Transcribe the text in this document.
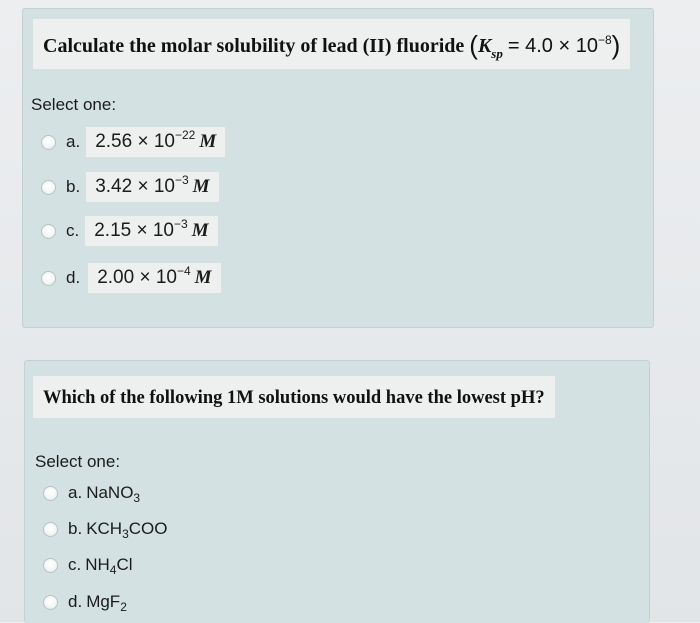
Calculate the molar solubility of lead (II) fluoride $(K_{sp} = 4.0 \times 10^{-8})$
Select one:
a. $2.56 \times 10^{-22}$ M
b. $3.42 \times 10^{-3}$ M
c. $2.15 \times 10^{-3}$ M
d. $2.00 \times 10^{-4}$ M
Which of the following 1M solutions would have the lowest pH?
Select one:
a. NaNO$_3$
b. $KCH_3COO$
c. $NH_4Cl$
d. MgF$_2$
